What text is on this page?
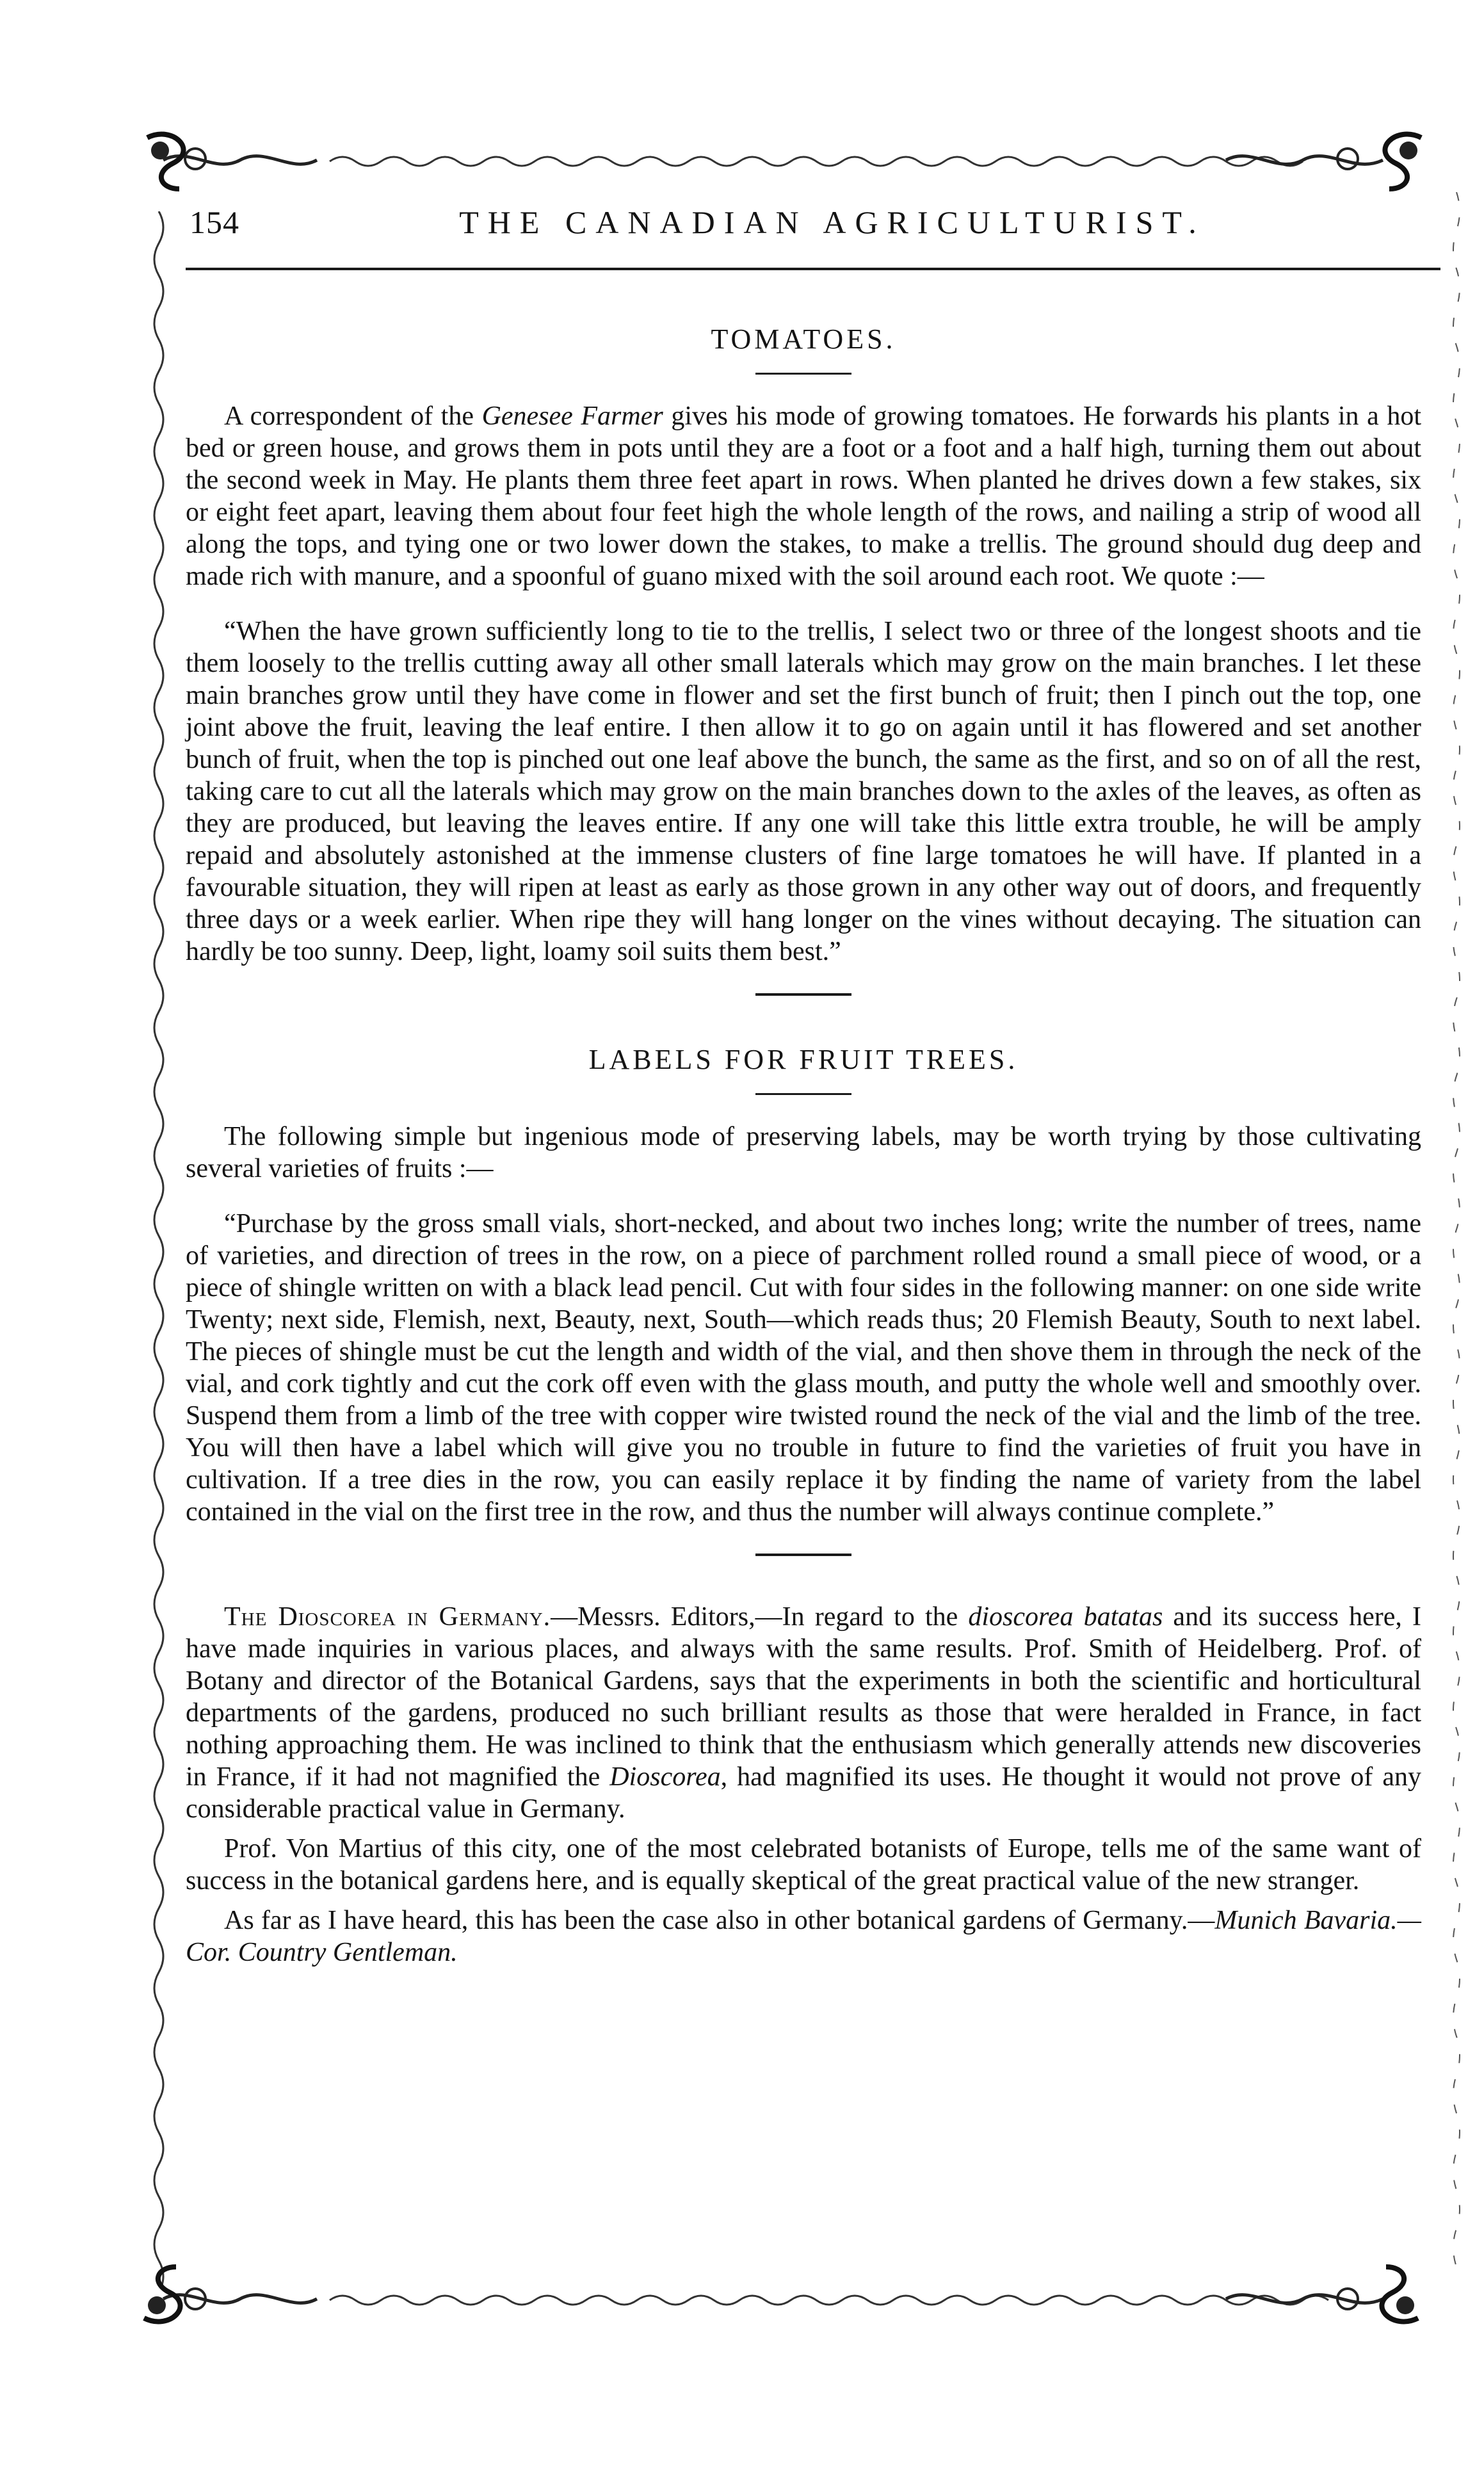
154	THE CANADIAN AGRICULTURIST.
TOMATOES.

A correspondent of the Genesee Farmer gives his mode of growing tomatoes. He forwards his plants in a hot bed or green house, and grows them in pots until they are a foot or a foot and a half high, turning them out about the second week in May. He plants them three feet apart in rows. When planted he drives down a few stakes, six or eight feet apart, leaving them about four feet high the whole length of the rows, and nailing a strip of wood all along the tops, and tying one or two lower down the stakes, to make a trellis. The ground should dug deep and made rich with manure, and a spoonful of guano mixed with the soil around each root. We quote :—

“When the have grown sufficiently long to tie to the trellis, I select two or three of the longest shoots and tie them loosely to the trellis cutting away all other small laterals which may grow on the main branches. I let these main branches grow until they have come in flower and set the first bunch of fruit; then I pinch out the top, one joint above the fruit, leaving the leaf entire. I then allow it to go on again until it has flowered and set another bunch of fruit, when the top is pinched out one leaf above the bunch, the same as the first, and so on of all the rest, taking care to cut all the laterals which may grow on the main branches down to the axles of the leaves, as often as they are produced, but leaving the leaves entire. If any one will take this little extra trouble, he will be amply repaid and absolutely astonished at the immense clusters of fine large tomatoes he will have. If planted in a favourable situation, they will ripen at least as early as those grown in any other way out of doors, and frequently three days or a week earlier. When ripe they will hang longer on the vines without decaying. The situation can hardly be too sunny. Deep, light, loamy soil suits them best.”

LABELS FOR FRUIT TREES.

The following simple but ingenious mode of preserving labels, may be worth trying by those cultivating several varieties of fruits :—

“Purchase by the gross small vials, short-necked, and about two inches long; write the number of trees, name of varieties, and direction of trees in the row, on a piece of parchment rolled round a small piece of wood, or a piece of shingle written on with a black lead pencil. Cut with four sides in the following manner: on one side write Twenty; next side, Flemish, next, Beauty, next, South—which reads thus; 20 Flemish Beauty, South to next label. The pieces of shingle must be cut the length and width of the vial, and then shove them in through the neck of the vial, and cork tightly and cut the cork off even with the glass mouth, and putty the whole well and smoothly over. Suspend them from a limb of the tree with copper wire twisted round the neck of the vial and the limb of the tree. You will then have a label which will give you no trouble in future to find the varieties of fruit you have in cultivation. If a tree dies in the row, you can easily replace it by finding the name of variety from the label contained in the vial on the first tree in the row, and thus the number will always continue complete.”

The Dioscorea in Germany.—Messrs. Editors,—In regard to the dioscorea batatas and its success here, I have made inquiries in various places, and always with the same results. Prof. Smith of Heidelberg. Prof. of Botany and director of the Botanical Gardens, says that the experiments in both the scientific and horticultural departments of the gardens, produced no such brilliant results as those that were heralded in France, in fact nothing approaching them. He was inclined to think that the enthusiasm which generally attends new discoveries in France, if it had not magnified the Dioscorea, had magnified its uses. He thought it would not prove of any considerable practical value in Germany.

Prof. Von Martius of this city, one of the most celebrated botanists of Europe, tells me of the same want of success in the botanical gardens here, and is equally skeptical of the great practical value of the new stranger.

As far as I have heard, this has been the case also in other botanical gardens of Germany.—Munich Bavaria.—Cor. Country Gentleman.
